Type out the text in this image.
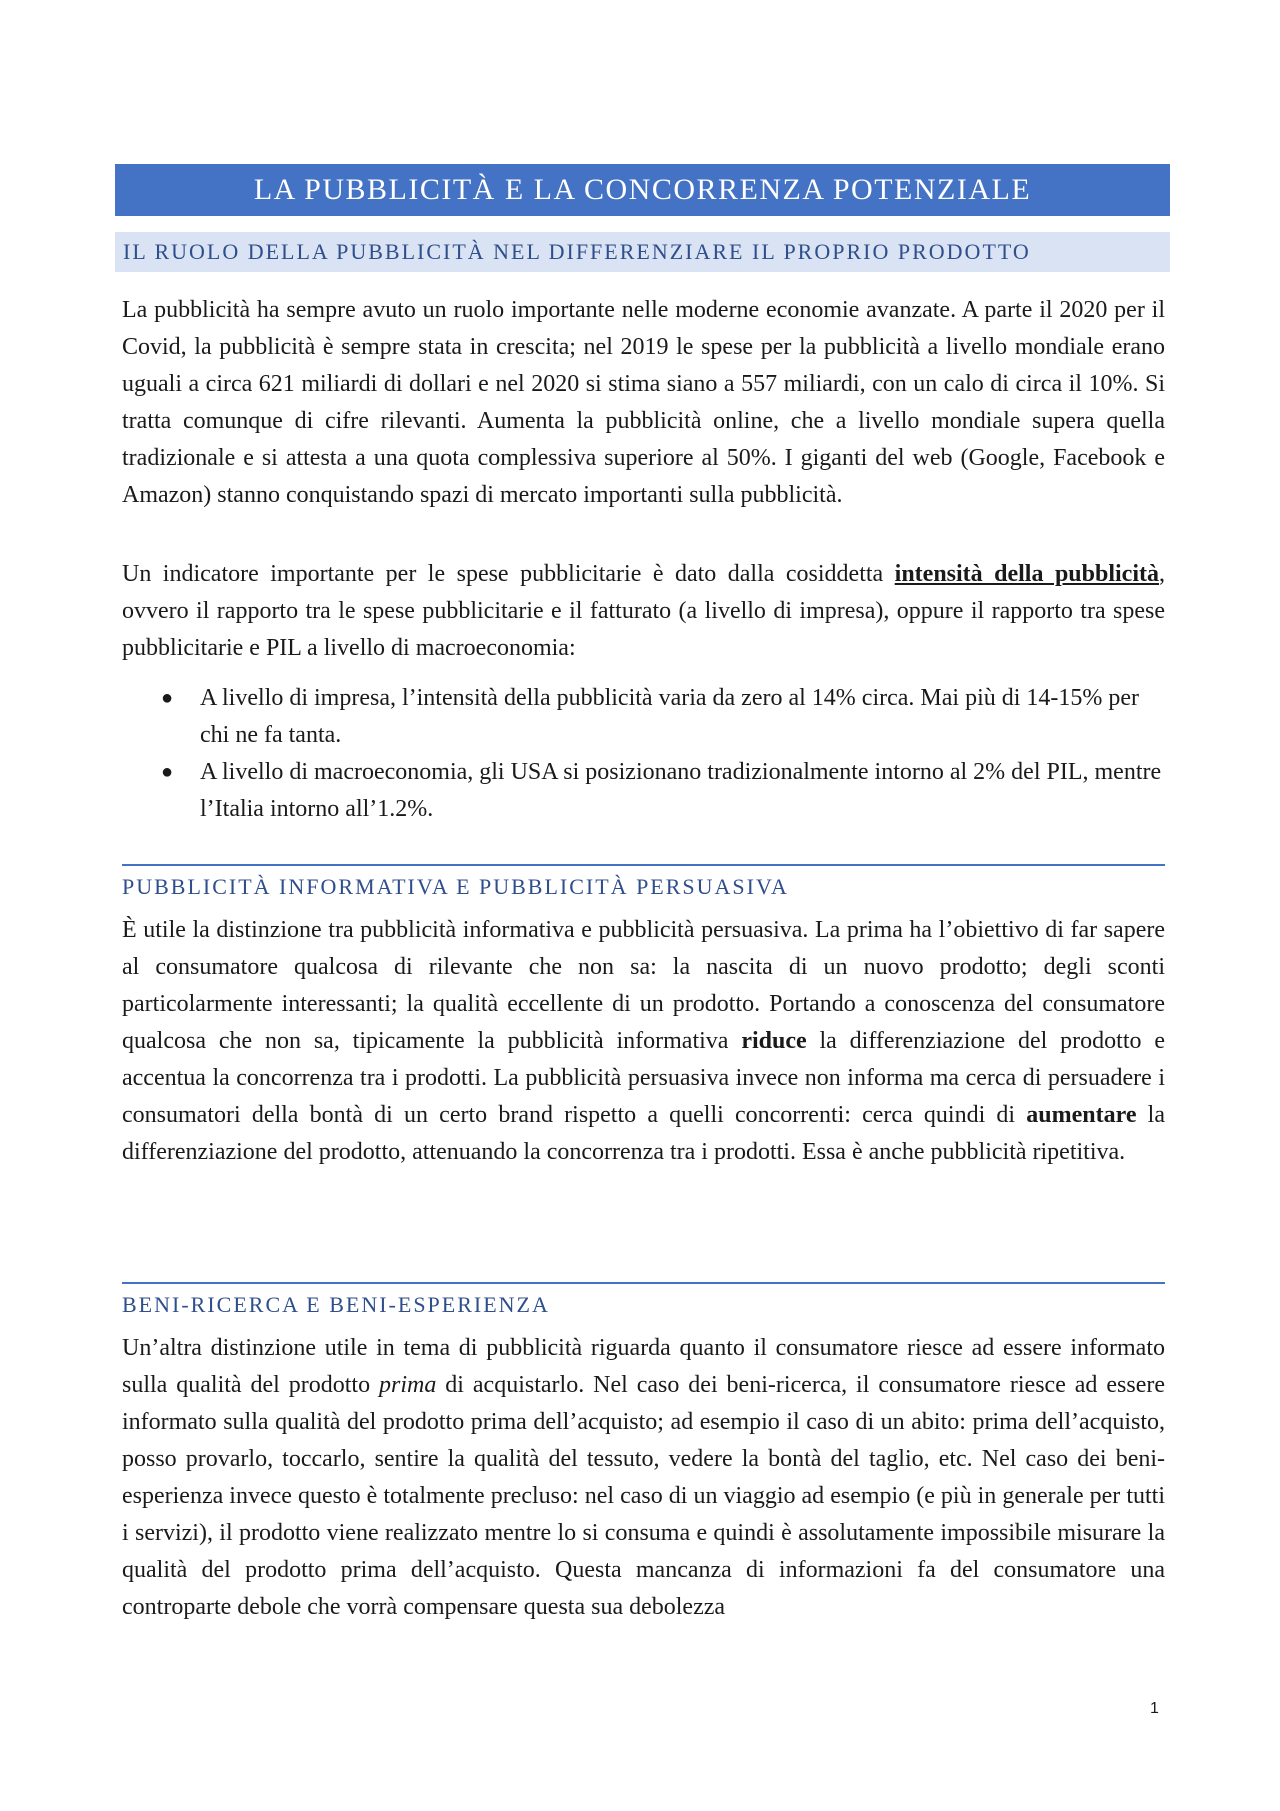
LA PUBBLICITÀ E LA CONCORRENZA POTENZIALE
IL RUOLO DELLA PUBBLICITÀ NEL DIFFERENZIARE IL PROPRIO PRODOTTO

La pubblicità ha sempre avuto un ruolo importante nelle moderne economie avanzate. A parte il 2020 per il Covid, la pubblicità è sempre stata in crescita; nel 2019 le spese per la pubblicità a livello mondiale erano uguali a circa 621 miliardi di dollari e nel 2020 si stima siano a 557 miliardi, con un calo di circa il 10%. Si tratta comunque di cifre rilevanti. Aumenta la pubblicità online, che a livello mondiale supera quella tradizionale e si attesta a una quota complessiva superiore al 50%. I giganti del web (Google, Facebook e Amazon) stanno conquistando spazi di mercato importanti sulla pubblicità.

Un indicatore importante per le spese pubblicitarie è dato dalla cosiddetta intensità della pubblicità, ovvero il rapporto tra le spese pubblicitarie e il fatturato (a livello di impresa), oppure il rapporto tra spese pubblicitarie e PIL a livello di macroeconomia:

● A livello di impresa, l’intensità della pubblicità varia da zero al 14% circa. Mai più di 14-15% per chi ne fa tanta.
● A livello di macroeconomia, gli USA si posizionano tradizionalmente intorno al 2% del PIL, mentre l’Italia intorno all’1.2%.
PUBBLICITÀ INFORMATIVA E PUBBLICITÀ PERSUASIVA

È utile la distinzione tra pubblicità informativa e pubblicità persuasiva. La prima ha l’obiettivo di far sapere al consumatore qualcosa di rilevante che non sa: la nascita di un nuovo prodotto; degli sconti particolarmente interessanti; la qualità eccellente di un prodotto. Portando a conoscenza del consumatore qualcosa che non sa, tipicamente la pubblicità informativa riduce la differenziazione del prodotto e accentua la concorrenza tra i prodotti. La pubblicità persuasiva invece non informa ma cerca di persuadere i consumatori della bontà di un certo brand rispetto a quelli concorrenti: cerca quindi di aumentare la differenziazione del prodotto, attenuando la concorrenza tra i prodotti. Essa è anche pubblicità ripetitiva.

BENI-RICERCA E BENI-ESPERIENZA

Un’altra distinzione utile in tema di pubblicità riguarda quanto il consumatore riesce ad essere informato sulla qualità del prodotto prima di acquistarlo. Nel caso dei beni-ricerca, il consumatore riesce ad essere informato sulla qualità del prodotto prima dell’acquisto; ad esempio il caso di un abito: prima dell’acquisto, posso provarlo, toccarlo, sentire la qualità del tessuto, vedere la bontà del taglio, etc. Nel caso dei beni-esperienza invece questo è totalmente precluso: nel caso di un viaggio ad esempio (e più in generale per tutti i servizi), il prodotto viene realizzato mentre lo si consuma e quindi è assolutamente impossibile misurare la qualità del prodotto prima dell’acquisto. Questa mancanza di informazioni fa del consumatore una controparte debole che vorrà compensare questa sua debolezza

1
